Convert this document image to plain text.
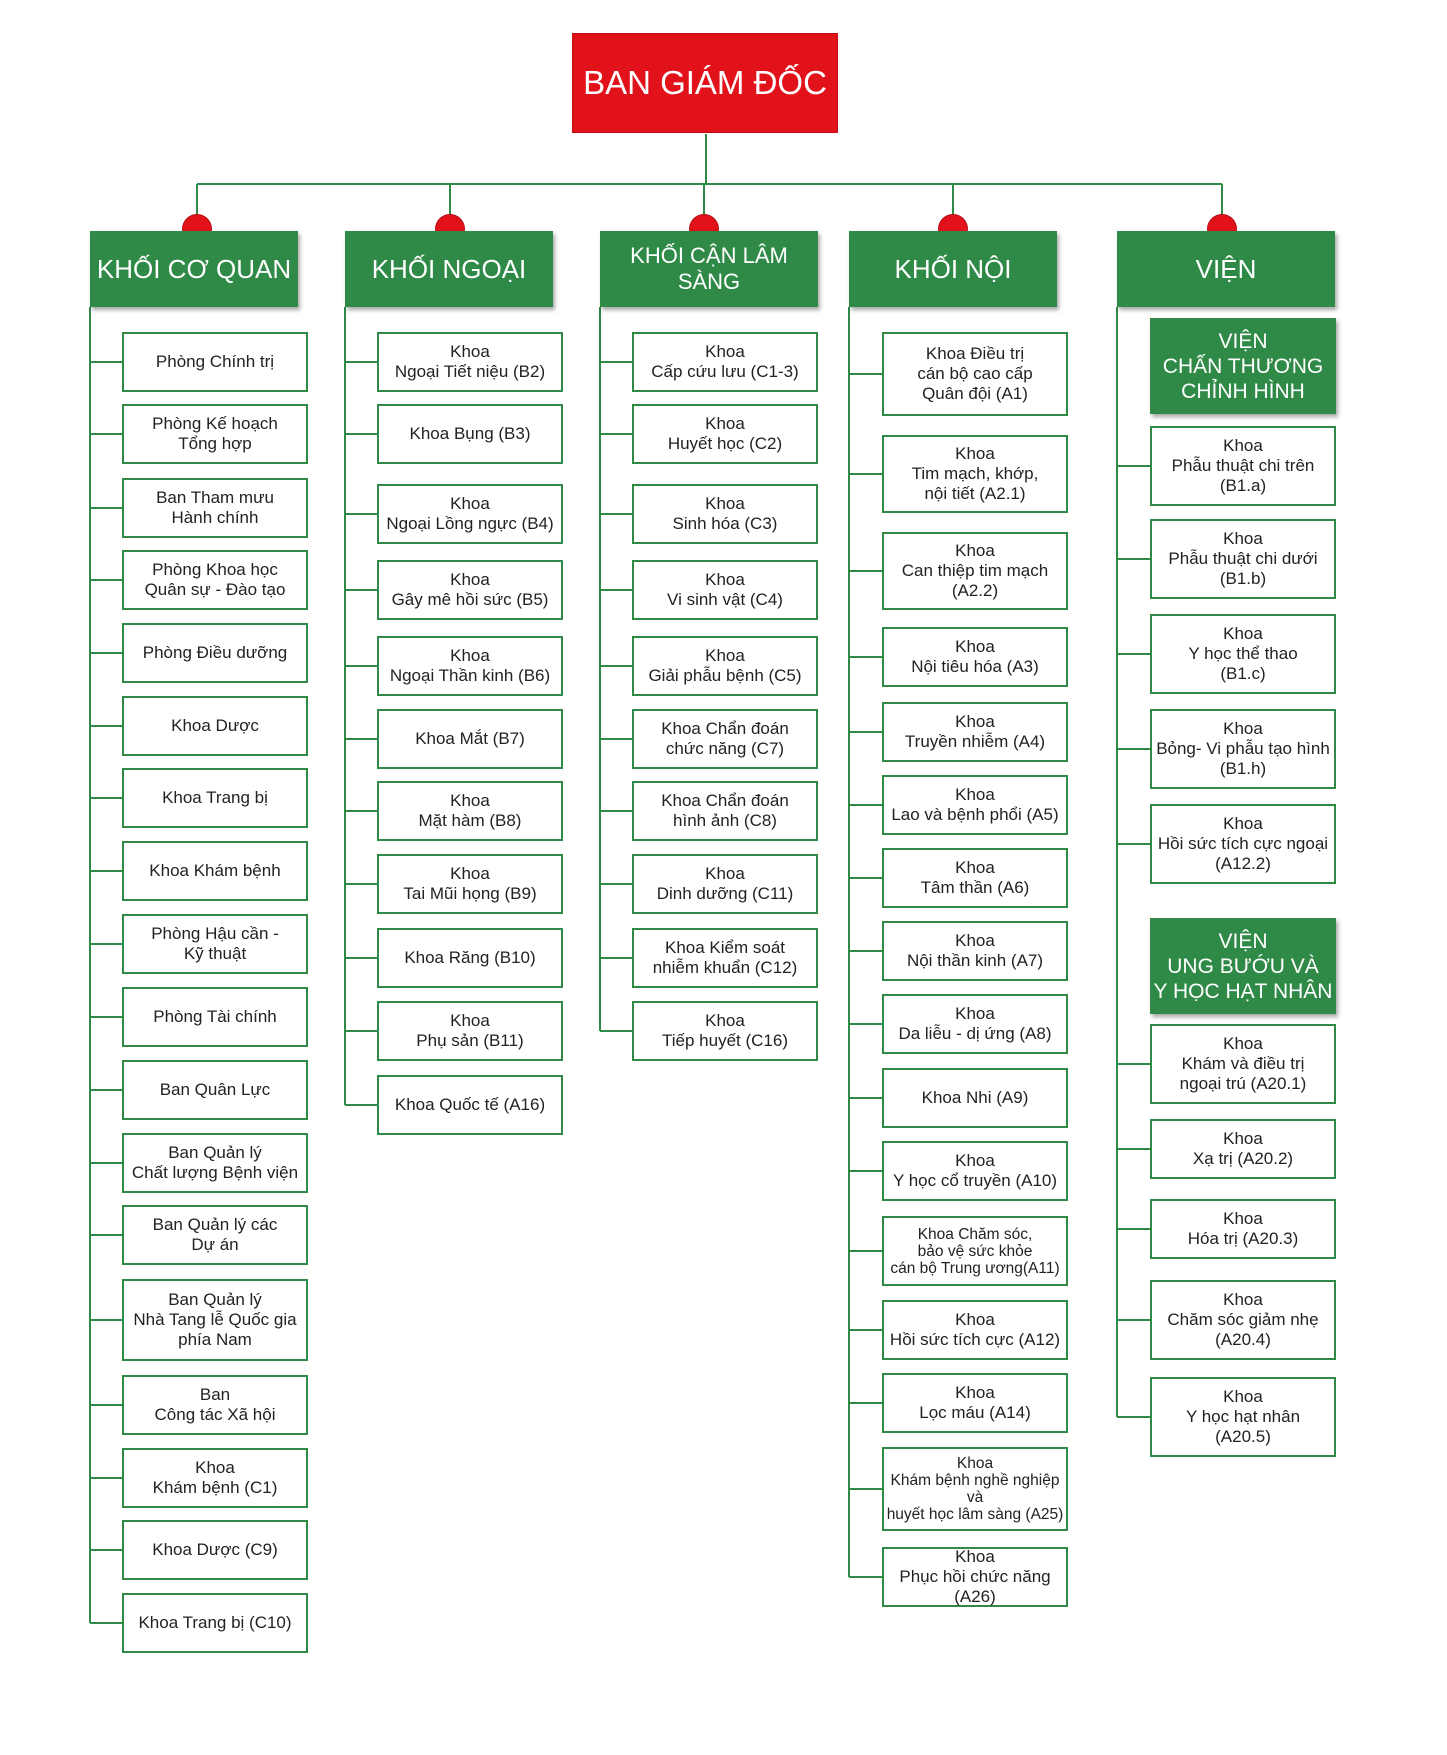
BAN GIÁM ĐỐC
KHỐI CƠ QUAN
Phòng Chính trị
Phòng Kế hoạch
Tổng hợp
Ban Tham mưu
Hành chính
Phòng Khoa học
Quân sự - Đào tạo
Phòng Điều dưỡng
Khoa Dược
Khoa Trang bị
Khoa Khám bệnh
Phòng Hậu cần -
Kỹ thuật
Phòng Tài chính
Ban Quân Lực
Ban Quản lý
Chất lượng Bệnh viện
Ban Quản lý các
Dự án
Ban Quản lý
Nhà Tang lễ Quốc gia
phía Nam
Ban
Công tác Xã hội
Khoa
Khám bệnh (C1)
Khoa Dược (C9)
Khoa Trang bị (C10)
KHỐI NGOẠI
Khoa
Ngoại Tiết niệu (B2)
Khoa Bụng (B3)
Khoa
Ngoại Lồng ngực (B4)
Khoa
Gây mê hồi sức (B5)
Khoa
Ngoại Thần kinh (B6)
Khoa Mắt (B7)
Khoa
Mặt hàm (B8)
Khoa
Tai Mũi họng (B9)
Khoa Răng (B10)
Khoa
Phụ sản (B11)
Khoa Quốc tế (A16)
KHỐI CẬN LÂM SÀNG
Khoa
Cấp cứu lưu (C1-3)
Khoa
Huyết học (C2)
Khoa
Sinh hóa (C3)
Khoa
Vi sinh vật (C4)
Khoa
Giải phẫu bệnh (C5)
Khoa Chẩn đoán
chức năng (C7)
Khoa Chẩn đoán
hình ảnh (C8)
Khoa
Dinh dưỡng (C11)
Khoa Kiểm soát
nhiễm khuẩn (C12)
Khoa
Tiếp huyết (C16)
KHỐI NỘI
Khoa Điều trị
cán bộ cao cấp
Quân đội (A1)
Khoa
Tim mạch, khớp,
nội tiết (A2.1)
Khoa
Can thiệp tim mạch
(A2.2)
Khoa
Nội tiêu hóa (A3)
Khoa
Truyền nhiễm (A4)
Khoa
Lao và bệnh phổi (A5)
Khoa
Tâm thần (A6)
Khoa
Nội thần kinh (A7)
Khoa
Da liễu - dị ứng (A8)
Khoa Nhi (A9)
Khoa
Y học cổ truyền (A10)
Khoa Chăm sóc,
bảo vệ sức khỏe
cán bộ Trung ương(A11)
Khoa
Hồi sức tích cực (A12)
Khoa
Lọc máu (A14)
Khoa
Khám bệnh nghề nghiệp
và
huyết học lâm sàng (A25)
Khoa
Phục hồi chức năng (A26)
VIỆN
VIỆN
CHẤN THƯƠNG
CHỈNH HÌNH
Khoa
Phẫu thuật chi trên
(B1.a)
Khoa
Phẫu thuật chi dưới
(B1.b)
Khoa
Y học thể thao
(B1.c)
Khoa
Bỏng- Vi phẫu tạo hình
(B1.h)
Khoa
Hồi sức tích cực ngoại
(A12.2)
VIỆN
UNG BƯỚU VÀ
Y HỌC HẠT NHÂN
Khoa
Khám và điều trị
ngoại trú (A20.1)
Khoa
Xạ trị (A20.2)
Khoa
Hóa trị (A20.3)
Khoa
Chăm sóc giảm nhẹ
(A20.4)
Khoa
Y học hạt nhân
(A20.5)
